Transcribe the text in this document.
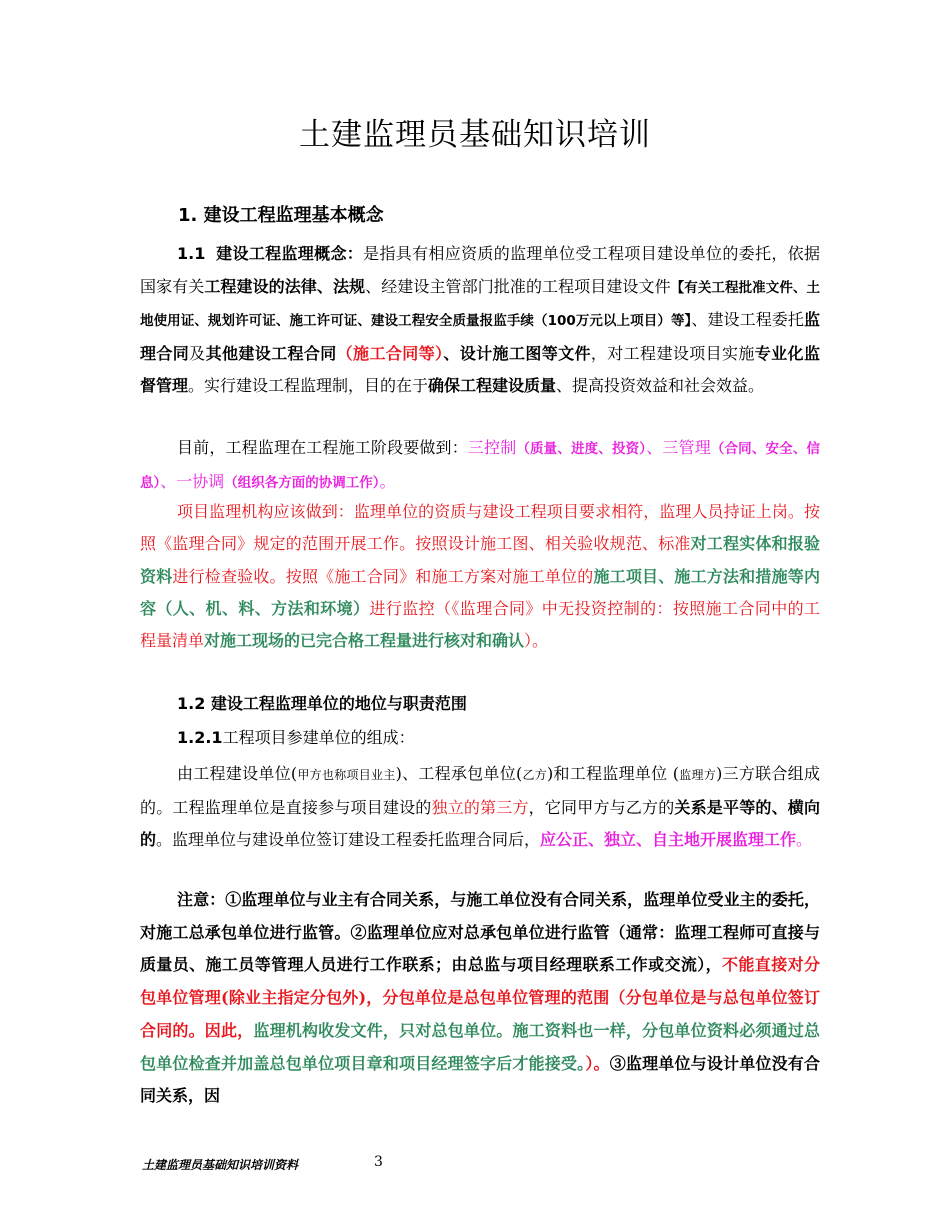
土建监理员基础知识培训
1. 建设工程监理基本概念

1.1 建设工程监理概念：是指具有相应资质的监理单位受工程项目建设单位的委托，依据国家有关工程建设的法律、法规、经建设主管部门批准的工程项目建设文件【有关工程批准文件、土地使用证、规划许可证、施工许可证、建设工程安全质量报监手续（100万元以上项目）等】、建设工程委托监理合同及其他建设工程合同（施工合同等）、设计施工图等文件，对工程建设项目实施专业化监督管理。实行建设工程监理制，目的在于确保工程建设质量、提高投资效益和社会效益。

目前，工程监理在工程施工阶段要做到：三控制（质量、进度、投资）、三管理（合同、安全、信息）、一协调（组织各方面的协调工作）。

项目监理机构应该做到：监理单位的资质与建设工程项目要求相符，监理人员持证上岗。按照《监理合同》规定的范围开展工作。按照设计施工图、相关验收规范、标准对工程实体和报验资料进行检查验收。按照《施工合同》和施工方案对施工单位的施工项目、施工方法和措施等内容（人、机、料、方法和环境）进行监控（《监理合同》中无投资控制的：按照施工合同中的工程量清单对施工现场的已完合格工程量进行核对和确认）。

1.2 建设工程监理单位的地位与职责范围

1.2.1工程项目参建单位的组成：

由工程建设单位(甲方也称项目业主)、工程承包单位(乙方)和工程监理单位 (监理方)三方联合组成的。工程监理单位是直接参与项目建设的独立的第三方，它同甲方与乙方的关系是平等的、横向的。监理单位与建设单位签订建设工程委托监理合同后，应公正、独立、自主地开展监理工作。

注意：①监理单位与业主有合同关系，与施工单位没有合同关系，监理单位受业主的委托，对施工总承包单位进行监管。②监理单位应对总承包单位进行监管（通常：监理工程师可直接与质量员、施工员等管理人员进行工作联系；由总监与项目经理联系工作或交流），不能直接对分包单位管理(除业主指定分包外)，分包单位是总包单位管理的范围（分包单位是与总包单位签订合同的。因此，监理机构收发文件，只对总包单位。施工资料也一样，分包单位资料必须通过总包单位检查并加盖总包单位项目章和项目经理签字后才能接受。）。③监理单位与设计单位没有合同关系，因

土建监理员基础知识培训资料	3
